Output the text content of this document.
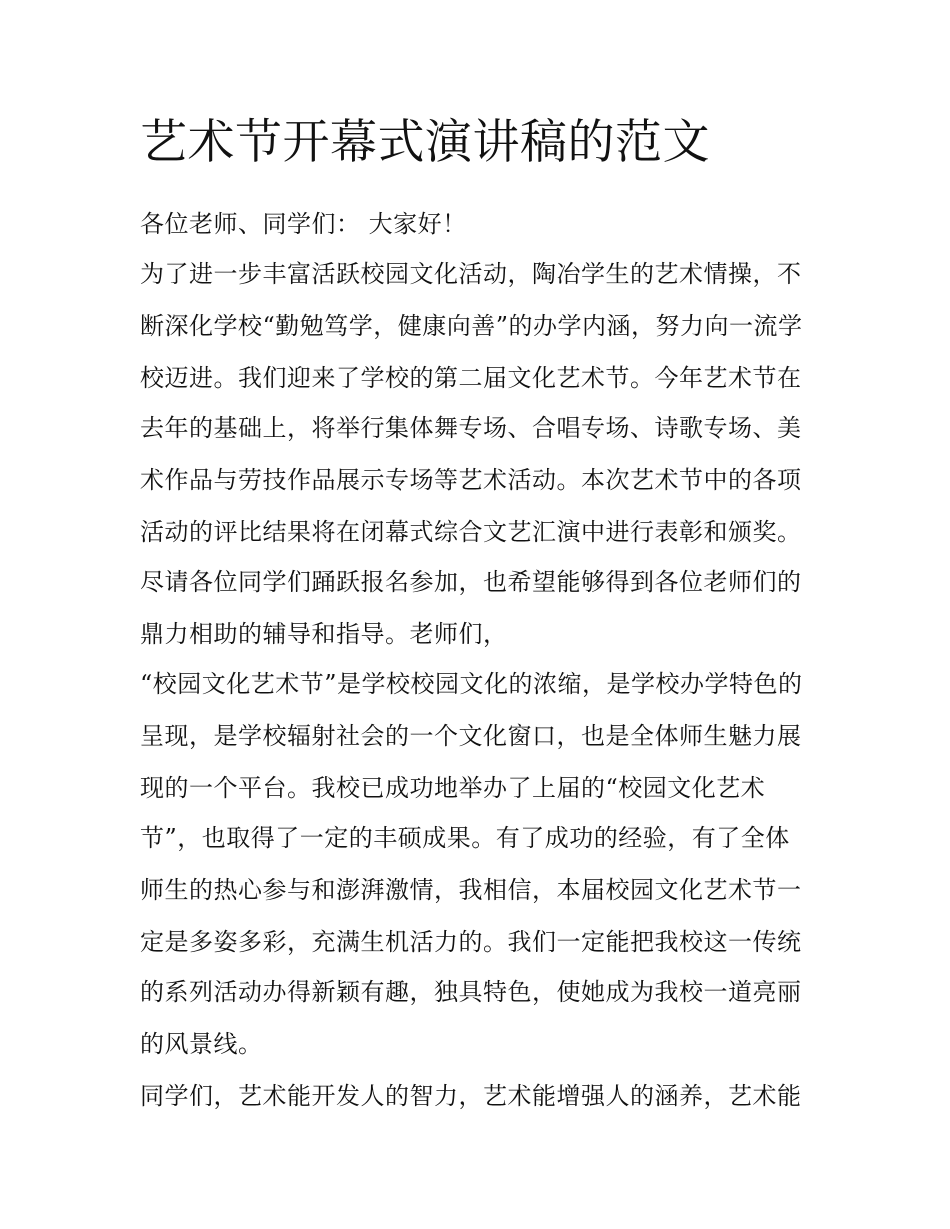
艺术节开幕式演讲稿的范文
各位老师、同学们： 大家好！
为了进一步丰富活跃校园文化活动，陶冶学生的艺术情操，不
断深化学校“勤勉笃学，健康向善”的办学内涵，努力向一流学
校迈进。我们迎来了学校的第二届文化艺术节。今年艺术节在
去年的基础上，将举行集体舞专场、合唱专场、诗歌专场、美
术作品与劳技作品展示专场等艺术活动。本次艺术节中的各项
活动的评比结果将在闭幕式综合文艺汇演中进行表彰和颁奖。
尽请各位同学们踊跃报名参加，也希望能够得到各位老师们的
鼎力相助的辅导和指导。老师们，
“校园文化艺术节”是学校校园文化的浓缩，是学校办学特色的
呈现，是学校辐射社会的一个文化窗口，也是全体师生魅力展
现的一个平台。我校已成功地举办了上届的“校园文化艺术
节”，也取得了一定的丰硕成果。有了成功的经验，有了全体
师生的热心参与和澎湃激情，我相信，本届校园文化艺术节一
定是多姿多彩，充满生机活力的。我们一定能把我校这一传统
的系列活动办得新颖有趣，独具特色，使她成为我校一道亮丽
的风景线。
同学们，艺术能开发人的智力，艺术能增强人的涵养，艺术能
